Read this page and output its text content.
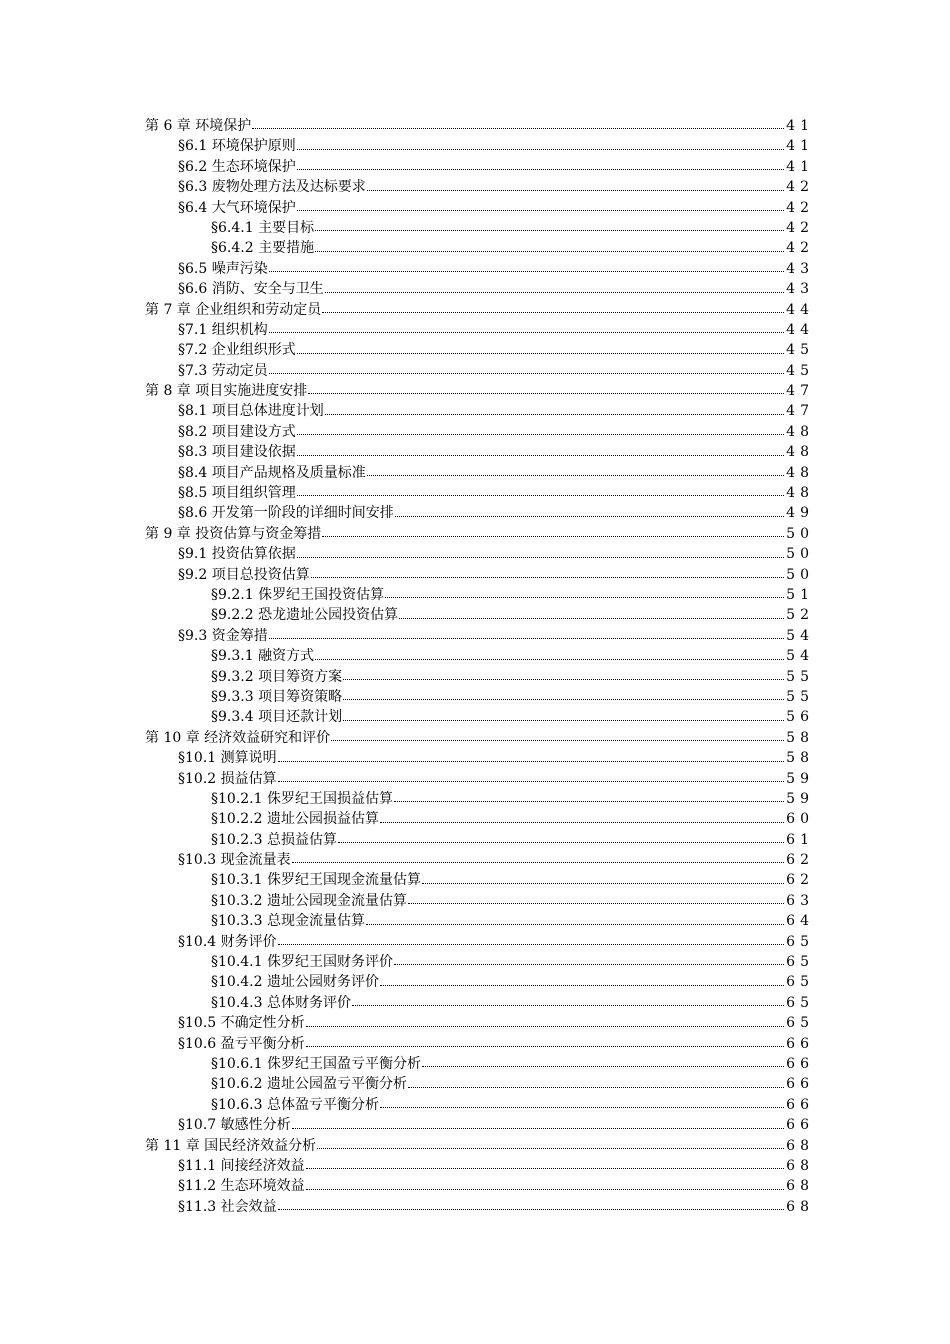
第 6 章 环境保护	41
§6.1 环境保护原则	41
§6.2 生态环境保护	41
§6.3 废物处理方法及达标要求	42
§6.4 大气环境保护	42
§6.4.1 主要目标	42
§6.4.2 主要措施	42
§6.5 噪声污染	43
§6.6 消防、安全与卫生	43
第 7 章 企业组织和劳动定员	44
§7.1 组织机构	44
§7.2 企业组织形式	45
§7.3 劳动定员	45
第 8 章 项目实施进度安排	47
§8.1 项目总体进度计划	47
§8.2 项目建设方式	48
§8.3 项目建设依据	48
§8.4 项目产品规格及质量标准	48
§8.5 项目组织管理	48
§8.6 开发第一阶段的详细时间安排	49
第 9 章 投资估算与资金筹措	50
§9.1 投资估算依据	50
§9.2 项目总投资估算	50
§9.2.1 侏罗纪王国投资估算	51
§9.2.2 恐龙遗址公园投资估算	52
§9.3 资金筹措	54
§9.3.1 融资方式	54
§9.3.2 项目筹资方案	55
§9.3.3 项目筹资策略	55
§9.3.4 项目还款计划	56
第 10 章 经济效益研究和评价	58
§10.1 测算说明	58
§10.2 损益估算	59
§10.2.1 侏罗纪王国损益估算	59
§10.2.2 遗址公园损益估算	60
§10.2.3 总损益估算	61
§10.3 现金流量表	62
§10.3.1 侏罗纪王国现金流量估算	62
§10.3.2 遗址公园现金流量估算	63
§10.3.3 总现金流量估算	64
§10.4 财务评价	65
§10.4.1 侏罗纪王国财务评价	65
§10.4.2 遗址公园财务评价	65
§10.4.3 总体财务评价	65
§10.5 不确定性分析	65
§10.6 盈亏平衡分析	66
§10.6.1 侏罗纪王国盈亏平衡分析	66
§10.6.2 遗址公园盈亏平衡分析	66
§10.6.3 总体盈亏平衡分析	66
§10.7 敏感性分析	66
第 11 章 国民经济效益分析	68
§11.1 间接经济效益	68
§11.2 生态环境效益	68
§11.3 社会效益	68
